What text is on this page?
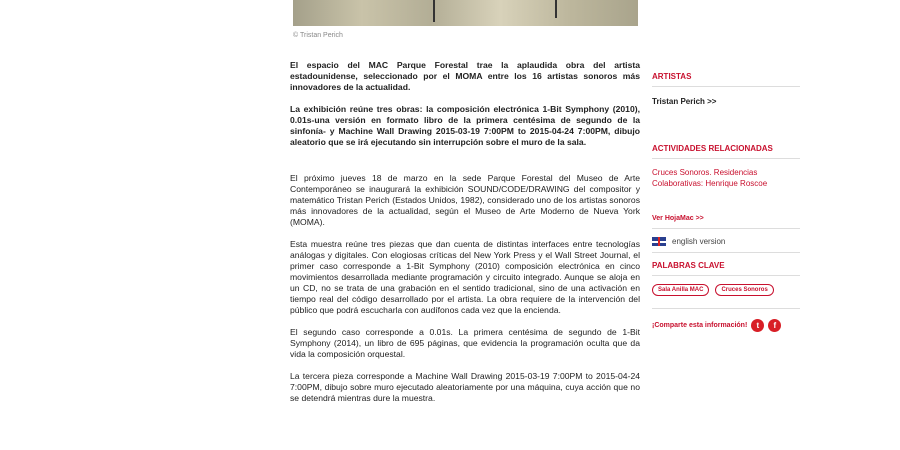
© Tristan Perich

El espacio del MAC Parque Forestal trae la aplaudida obra del artista estadounidense, seleccionado por el MOMA entre los 16 artistas sonoros más innovadores de la actualidad.

La exhibición reúne tres obras: la composición electrónica 1-Bit Symphony (2010), 0.01s-una versión en formato libro de la primera centésima de segundo de la sinfonía- y Machine Wall Drawing 2015-03-19 7:00PM to 2015-04-24 7:00PM, dibujo aleatorio que se irá ejecutando sin interrupción sobre el muro de la sala.

El próximo jueves 18 de marzo en la sede Parque Forestal del Museo de Arte Contemporáneo se inaugurará la exhibición SOUND/CODE/DRAWING del compositor y matemático Tristan Perich (Estados Unidos, 1982), considerado uno de los artistas sonoros más innovadores de la actualidad, según el Museo de Arte Moderno de Nueva York (MOMA).

Esta muestra reúne tres piezas que dan cuenta de distintas interfaces entre tecnologías análogas y digitales. Con elogiosas críticas del New York Press y el Wall Street Journal, el primer caso corresponde a 1-Bit Symphony (2010) composición electrónica en cinco movimientos desarrollada mediante programación y circuito integrado. Aunque se aloja en un CD, no se trata de una grabación en el sentido tradicional, sino de una activación en tiempo real del código desarrollado por el artista. La obra requiere de la intervención del público que podrá escucharla con audífonos cada vez que la encienda.

El segundo caso corresponde a 0.01s. La primera centésima de segundo de 1-Bit Symphony (2014), un libro de 695 páginas, que evidencia la programación oculta que da vida la composición orquestal.

La tercera pieza corresponde a Machine Wall Drawing 2015-03-19 7:00PM to 2015-04-24 7:00PM, dibujo sobre muro ejecutado aleatoriamente por una máquina, cuya acción que no se detendrá mientras dure la muestra.

ARTISTAS
Tristan Perich >>
ACTIVIDADES RELACIONADAS
Cruces Sonoros. Residencias Colaborativas: Henrique Roscoe
Ver HojaMac >>
english version
PALABRAS CLAVE
Sala Anilla MAC	Cruces Sonoros
¡Comparte esta información!	t	f
